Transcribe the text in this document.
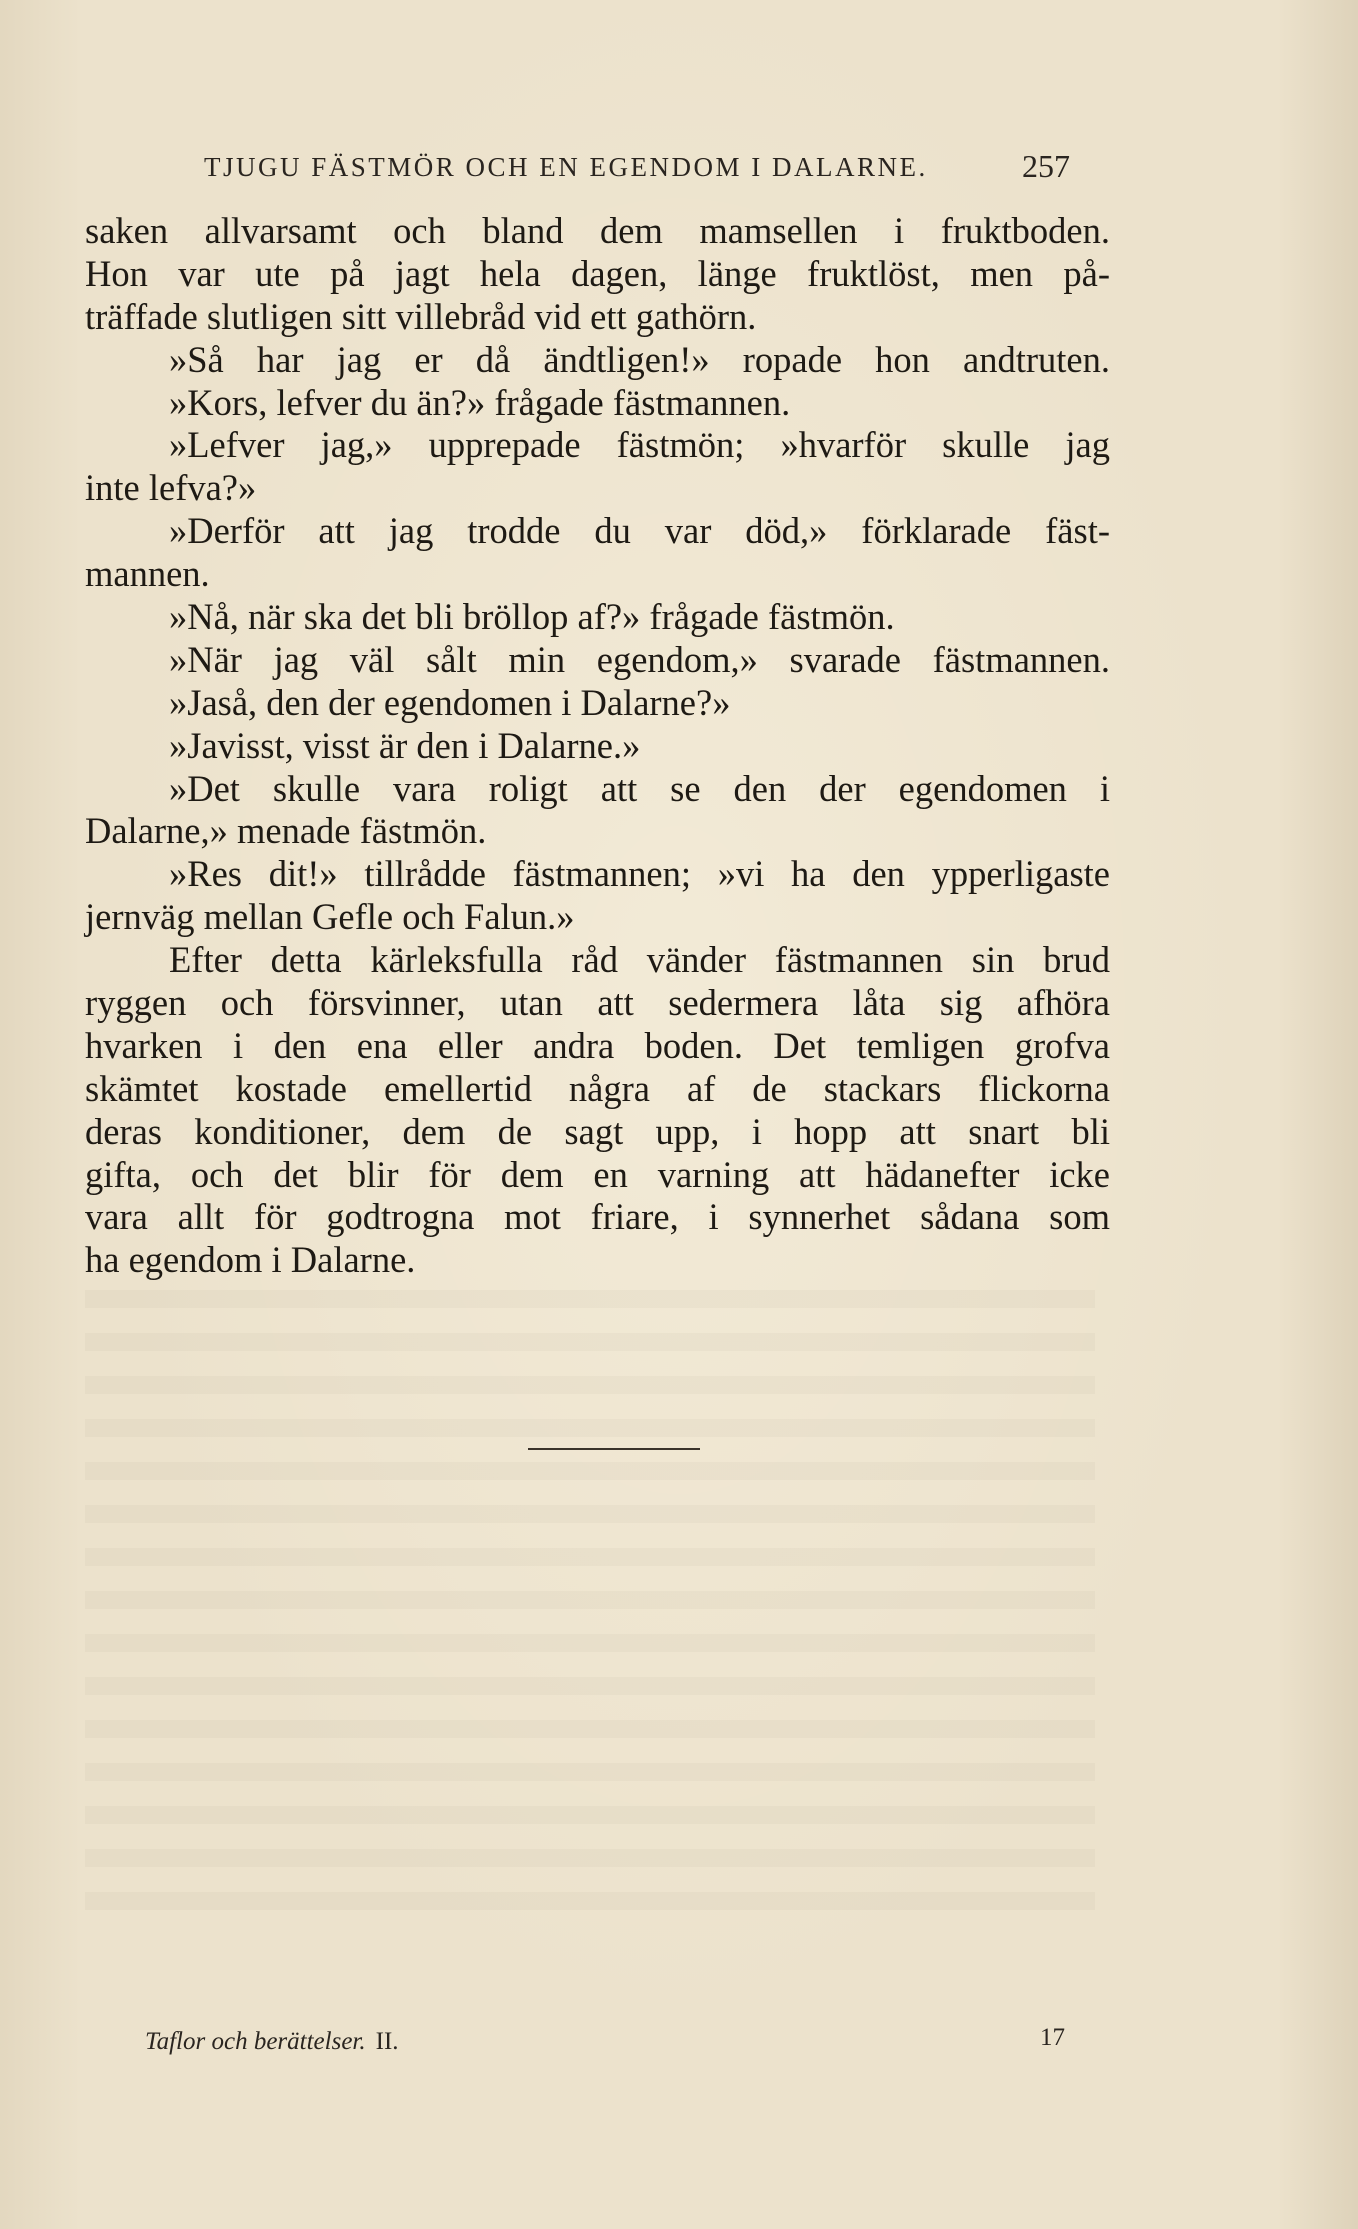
TJUGU FÄSTMÖR OCH EN EGENDOM I DALARNE.	257
saken allvarsamt och bland dem mamsellen i fruktboden.
Hon var ute på jagt hela dagen, länge fruktlöst, men på-
träffade slutligen sitt villebråd vid ett gathörn.
»Så har jag er då ändtligen!» ropade hon andtruten.
»Kors, lefver du än?» frågade fästmannen.
»Lefver jag,» upprepade fästmön; »hvarför skulle jag
inte lefva?»
»Derför att jag trodde du var död,» förklarade fäst-
mannen.
»Nå, när ska det bli bröllop af?» frågade fästmön.
»När jag väl sålt min egendom,» svarade fästmannen.
»Jaså, den der egendomen i Dalarne?»
»Javisst, visst är den i Dalarne.»
»Det skulle vara roligt att se den der egendomen i
Dalarne,» menade fästmön.
»Res dit!» tillrådde fästmannen; »vi ha den ypperligaste
jernväg mellan Gefle och Falun.»
Efter detta kärleksfulla råd vänder fästmannen sin brud
ryggen och försvinner, utan att sedermera låta sig afhöra
hvarken i den ena eller andra boden. Det temligen grofva
skämtet kostade emellertid några af de stackars flickorna
deras konditioner, dem de sagt upp, i hopp att snart bli
gifta, och det blir för dem en varning att hädanefter icke
vara allt för godtrogna mot friare, i synnerhet sådana som
ha egendom i Dalarne.
Taflor och berättelser. II.	17
